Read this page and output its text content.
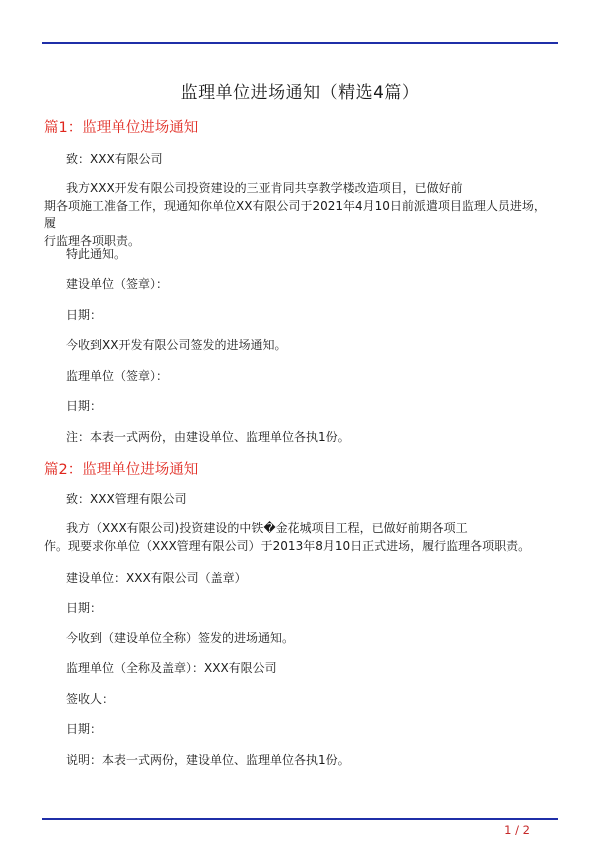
监理单位进场通知（精选4篇）
篇1：监理单位进场通知
致：XXX有限公司
我方XXX开发有限公司投资建设的三亚肯同共享教学楼改造项目，已做好前
期各项施工准备工作，现通知你单位XX有限公司于2021年4月10日前派遣项目监理人员进场，履
行监理各项职责。
特此通知。
建设单位（签章）：
日期：
今收到XX开发有限公司签发的进场通知。
监理单位（签章）：
日期：
注：本表一式两份，由建设单位、监理单位各执1份。
篇2：监理单位进场通知
致：XXX管理有限公司
我方（XXX有限公司)投资建设的中铁�金花城项目工程，已做好前期各项工
作。现要求你单位（XXX管理有限公司）于2013年8月10日正式进场，履行监理各项职责。
建设单位：XXX有限公司（盖章）
日期：
今收到（建设单位全称）签发的进场通知。
监理单位（全称及盖章）：XXX有限公司
签收人：
日期：
说明：本表一式两份，建设单位、监理单位各执1份。
1 / 2
